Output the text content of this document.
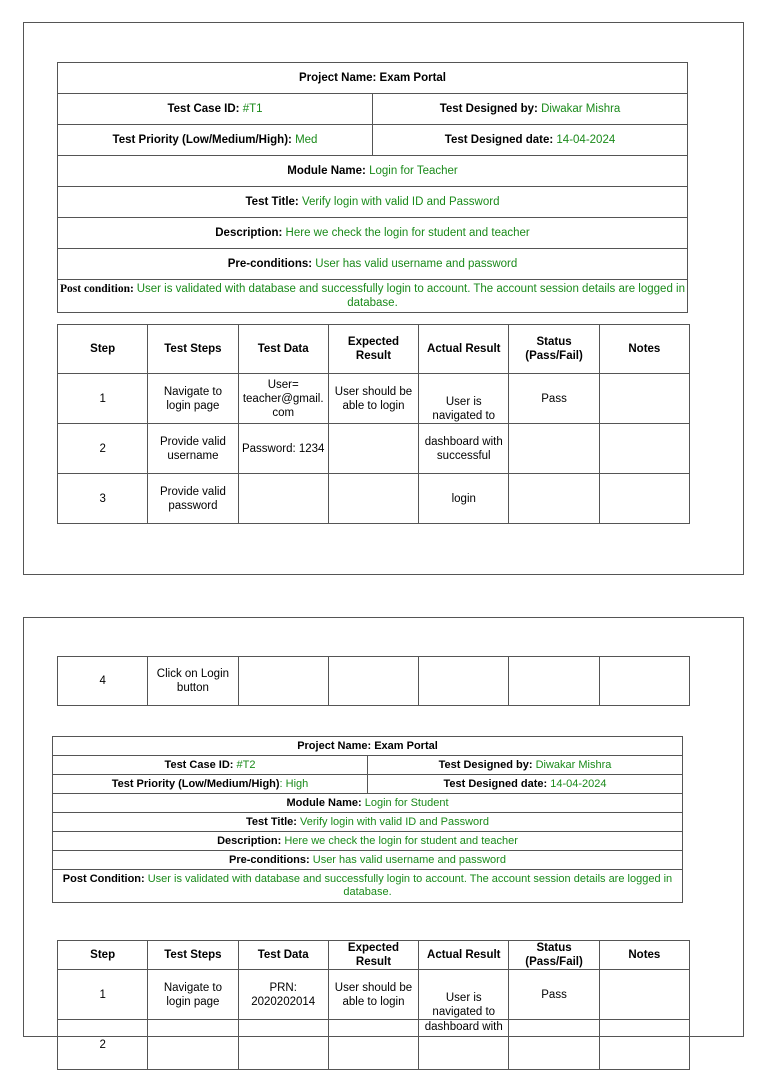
Project Name: Exam Portal	
Test Case ID: #T1	Test Designed by: Diwakar Mishra
Test Priority (Low/Medium/High): Med	Test Designed date: 14-04-2024
Module Name: Login for Teacher	
Test Title: Verify login with valid ID and Password	
Description: Here we check the login for student and teacher	
Pre-conditions: User has valid username and password	
Post condition: User is validated with database and successfully login to account. The account session details are logged in database.	
Step	Test Steps	Test Data	Expected Result	Actual Result	Status (Pass/Fail)	Notes
1	Navigate to login page	User= teacher@gmail. com	User should be able to login	User is navigated to	Pass	
2	Provide valid username	Password: 1234		dashboard with successful		
3	Provide valid password			login		
4	Click on Login button					
Project Name: Exam Portal	
Test Case ID: #T2	Test Designed by: Diwakar Mishra
Test Priority (Low/Medium/High): High	Test Designed date: 14-04-2024
Module Name: Login for Student	
Test Title: Verify login with valid ID and Password	
Description: Here we check the login for student and teacher	
Pre-conditions: User has valid username and password	
Post Condition: User is validated with database and successfully login to account. The account session details are logged in database.	
Step	Test Steps	Test Data	Expected Result	Actual Result	Status (Pass/Fail)	Notes
1	Navigate to login page	PRN: 2020202014	User should be able to login	User is navigated to	Pass	
2				dashboard with		
